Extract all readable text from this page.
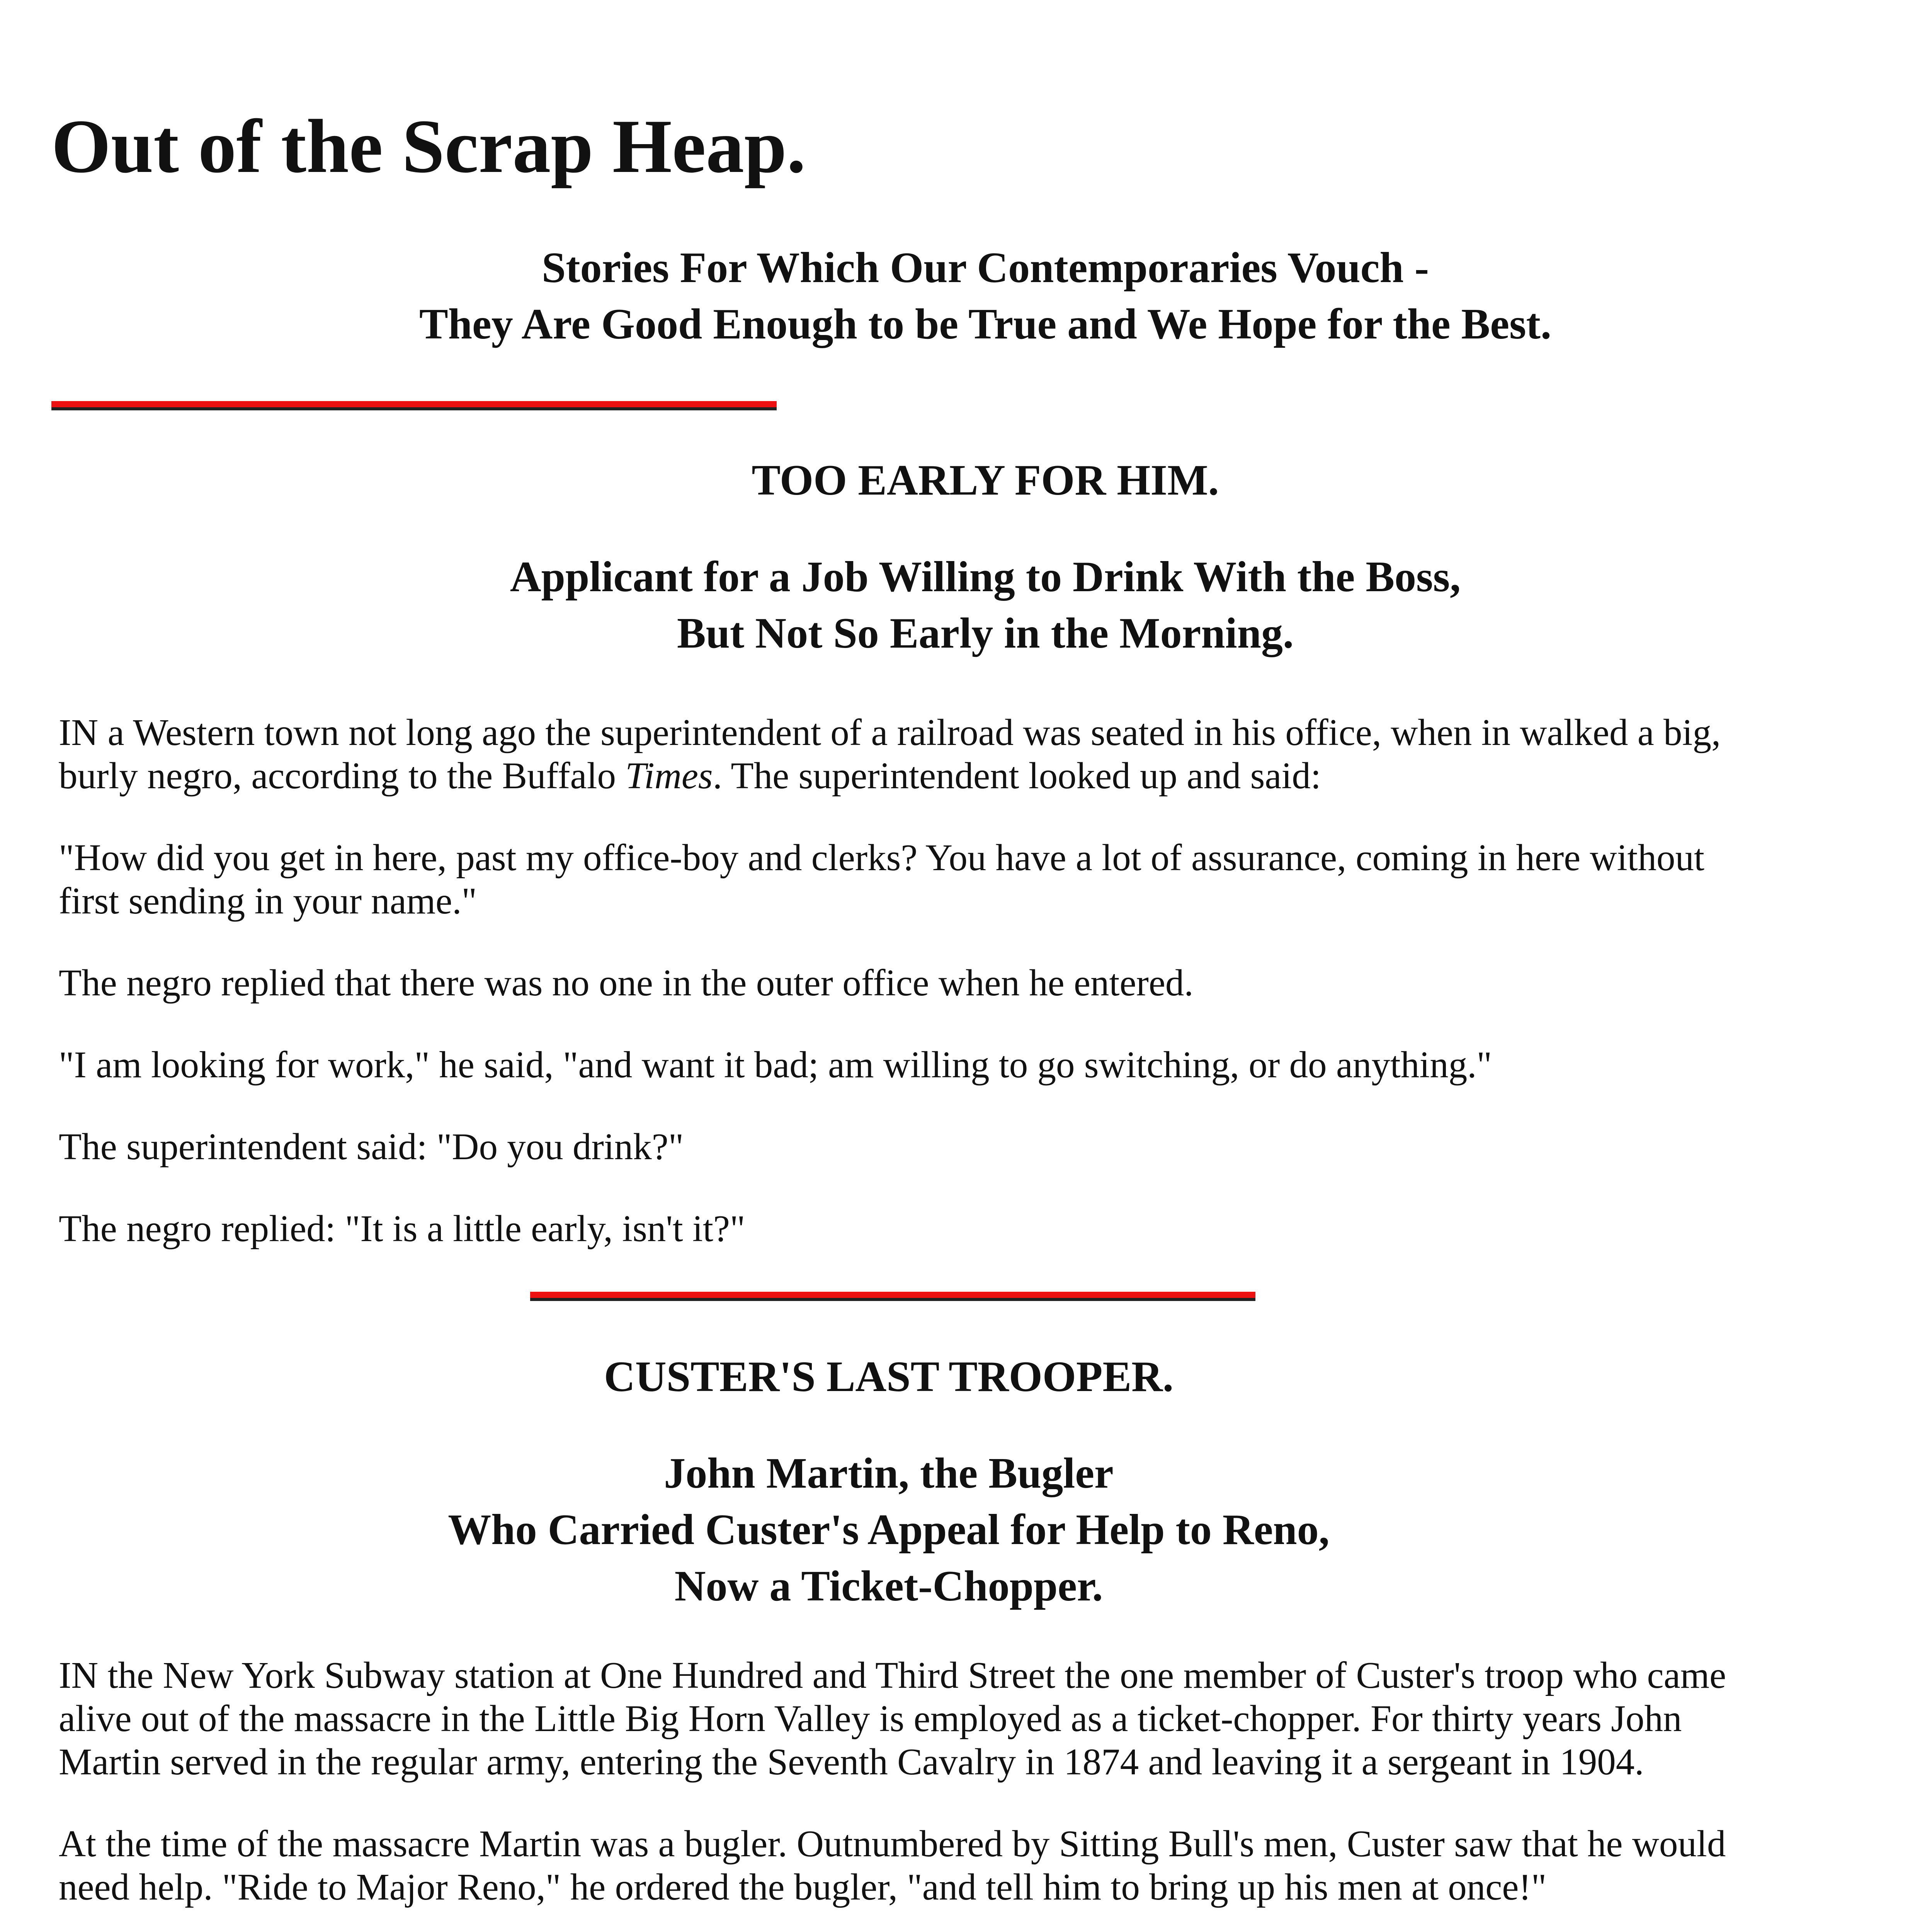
Out of the Scrap Heap.
Stories For Which Our Contemporaries Vouch -
They Are Good Enough to be True and We Hope for the Best.
TOO EARLY FOR HIM.
Applicant for a Job Willing to Drink With the Boss,
But Not So Early in the Morning.

IN a Western town not long ago the superintendent of a railroad was seated in his office, when in walked a big, burly negro, according to the Buffalo Times. The superintendent looked up and said:

"How did you get in here, past my office-boy and clerks? You have a lot of assurance, coming in here without first sending in your name."

The negro replied that there was no one in the outer office when he entered.

"I am looking for work," he said, "and want it bad; am willing to go switching, or do anything."

The superintendent said: "Do you drink?"

The negro replied: "It is a little early, isn't it?"

CUSTER'S LAST TROOPER.
John Martin, the Bugler
Who Carried Custer's Appeal for Help to Reno,
Now a Ticket-Chopper.

IN the New York Subway station at One Hundred and Third Street the one member of Custer's troop who came alive out of the massacre in the Little Big Horn Valley is employed as a ticket-chopper. For thirty years John Martin served in the regular army, entering the Seventh Cavalry in 1874 and leaving it a sergeant in 1904.

At the time of the massacre Martin was a bugler. Outnumbered by Sitting Bull's men, Custer saw that he would need help. "Ride to Major Reno," he ordered the bugler, "and tell him to bring up his men at once!"
